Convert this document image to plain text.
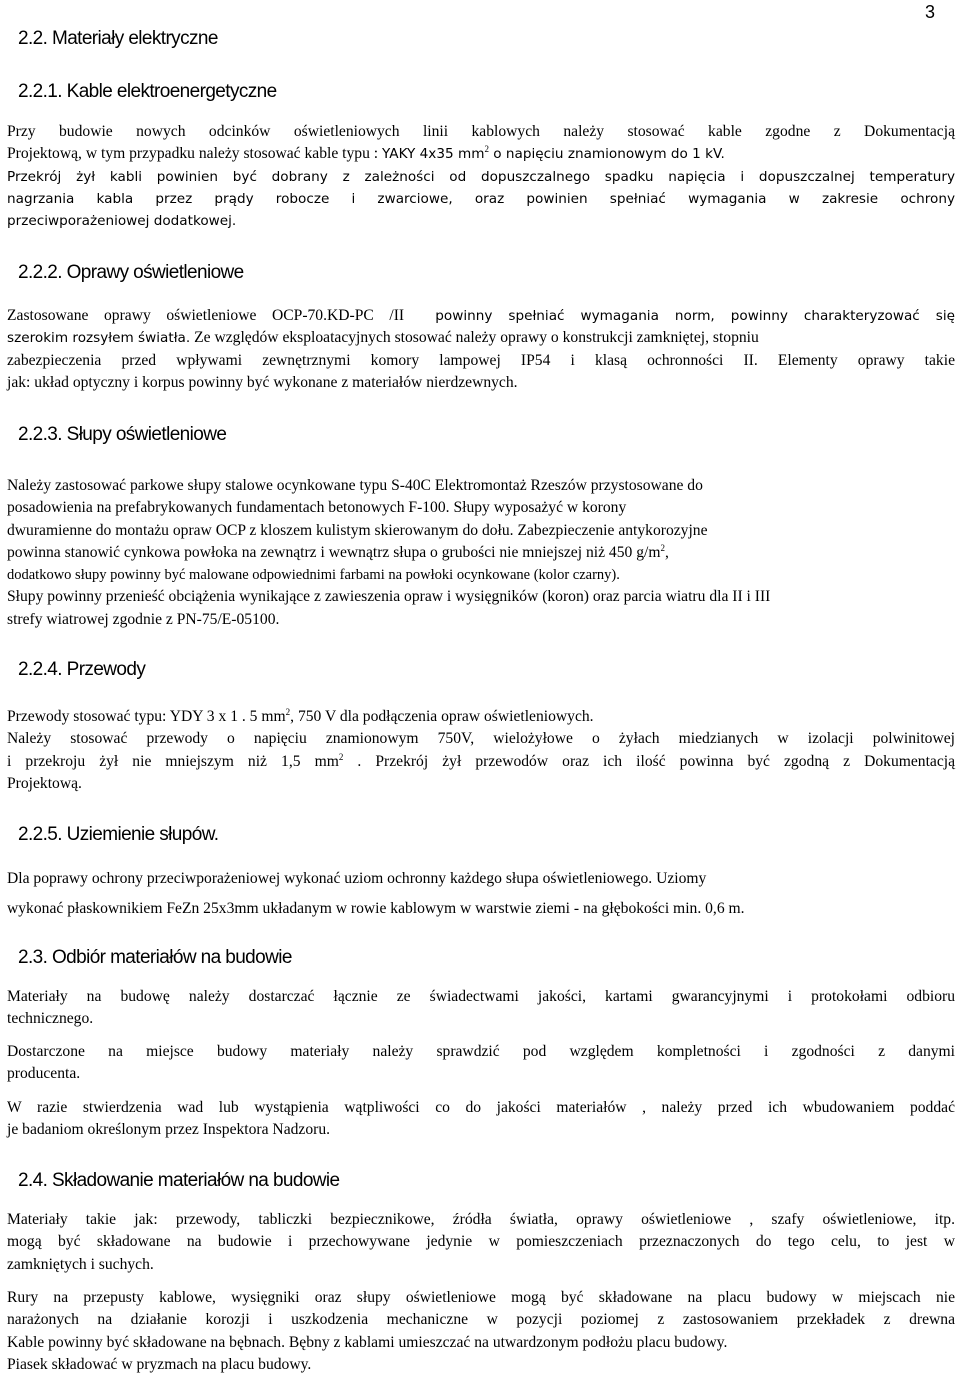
3
2.2. Materiały elektryczne
2.2.1. Kable elektroenergetyczne
Przy budowie nowych odcinków oświetleniowych linii kablowych należy stosować kable zgodne z Dokumentacją
Projektową, w tym przypadku należy stosować kable typu : YAKY 4x35 $mm^2$ o napięciu znamionowym do 1 kV.
Przekrój żył kabli powinien być dobrany z zależności od dopuszczalnego spadku napięcia i dopuszczalnej temperatury
nagrzania kabla przez prądy robocze i zwarciowe, oraz powinien spełniać wymagania w zakresie ochrony
przeciwporażeniowej dodatkowej.
2.2.2. Oprawy oświetleniowe
Zastosowane oprawy oświetleniowe OCP-70.KD-PC /II powinny spełniać wymagania norm, powinny charakteryzować się
szerokim rozsyłem światła. Ze względów eksploatacyjnych stosować należy oprawy o konstrukcji zamkniętej, stopniu
zabezpieczenia przed wpływami zewnętrznymi komory lampowej IP54 i klasą ochronności II. Elementy oprawy takie
jak: układ optyczny i korpus powinny być wykonane z materiałów nierdzewnych.
2.2.3. Słupy oświetleniowe
Należy zastosować parkowe słupy stalowe ocynkowane typu S-40C Elektromontaż Rzeszów przystosowane do
posadowienia na prefabrykowanych fundamentach betonowych F-100. Słupy wyposażyć w korony
dwuramienne do montażu opraw OCP z kloszem kulistym skierowanym do dołu. Zabezpieczenie antykorozyjne
powinna stanowić cynkowa powłoka na zewnątrz i wewnątrz słupa o grubości nie mniejszej niż 450 $g/m^2$,
dodatkowo słupy powinny być malowane odpowiednimi farbami na powłoki ocynkowane (kolor czarny).
Słupy powinny przenieść obciążenia wynikające z zawieszenia opraw i wysięgników (koron) oraz parcia wiatru dla II i III
strefy wiatrowej zgodnie z PN-75/E-05100.
2.2.4. Przewody
Przewody stosować typu: YDY 3 x 1 . 5 $mm^2$, 750 V dla podłączenia opraw oświetleniowych.
Należy stosować przewody o napięciu znamionowym 750V, wielożyłowe o żyłach miedzianych w izolacji polwinitowej
i przekroju żył nie mniejszym niż 1,5 $mm^2$ . Przekrój żył przewodów oraz ich ilość powinna być zgodną z Dokumentacją
Projektową.
2.2.5. Uziemienie słupów.
Dla poprawy ochrony przeciwporażeniowej wykonać uziom ochronny każdego słupa oświetleniowego. Uziomy
wykonać płaskownikiem FeZn 25x3mm układanym w rowie kablowym w warstwie ziemi - na głębokości min. 0,6 m.
2.3. Odbiór materiałów na budowie
Materiały na budowę należy dostarczać łącznie ze świadectwami jakości, kartami gwarancyjnymi i protokołami odbioru
technicznego.
Dostarczone na miejsce budowy materiały należy sprawdzić pod względem kompletności i zgodności z danymi
producenta.
W razie stwierdzenia wad lub wystąpienia wątpliwości co do jakości materiałów , należy przed ich wbudowaniem poddać
je badaniom określonym przez Inspektora Nadzoru.
2.4. Składowanie materiałów na budowie
Materiały takie jak: przewody, tabliczki bezpiecznikowe, źródła światła, oprawy oświetleniowe , szafy oświetleniowe, itp.
mogą być składowane na budowie i przechowywane jedynie w pomieszczeniach przeznaczonych do tego celu, to jest w
zamkniętych i suchych.
Rury na przepusty kablowe, wysięgniki oraz słupy oświetleniowe mogą być składowane na placu budowy w miejscach nie
narażonych na działanie korozji i uszkodzenia mechaniczne w pozycji poziomej z zastosowaniem przekładek z drewna
Kable powinny być składowane na bębnach. Bębny z kablami umieszczać na utwardzonym podłożu placu budowy.
Piasek składować w pryzmach na placu budowy.
